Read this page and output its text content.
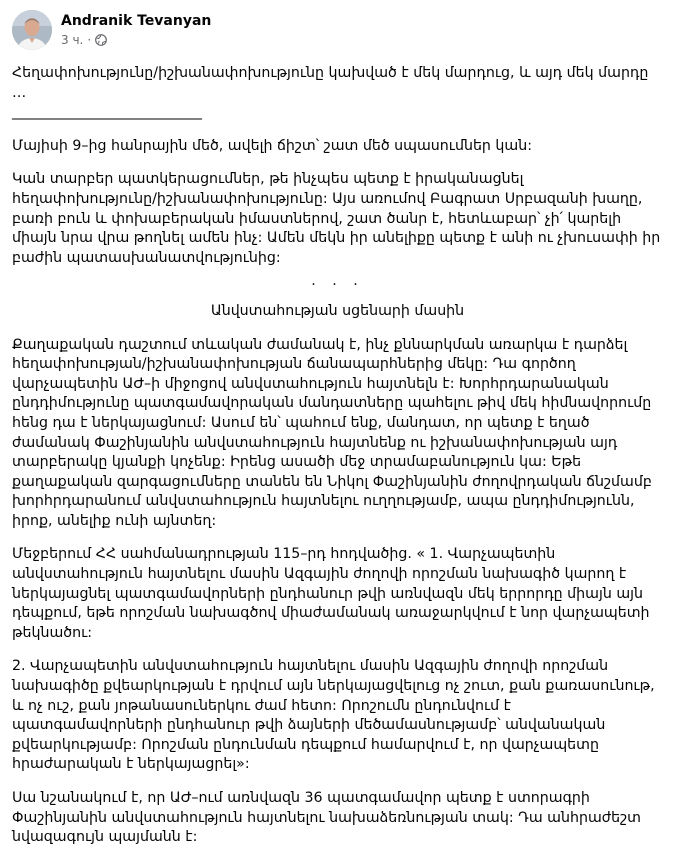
Andranik Tevanyan
3 ч. ·

Հեղափոխությունը/իշխանափոխությունը կախված է մեկ մարդուց, և այդ մեկ մարդը …

_______________________________

Մայիսի 9–ից հանրային մեծ, ավելի ճիշտ՝ շատ մեծ սպասումներ կան:

Կան տարբեր պատկերացումներ, թե ինչպես պետք է իրականացնել հեղափոխությունը/իշխանափոխությունը: Այս առումով Բագրատ Սրբազանի խաղը, բառի բուն և փոխաբերական իմաստներով, շատ ծանր է, հետևաբար՝ չի՛ կարելի միայն նրա վրա թողնել ամեն ինչ: Ամեն մեկն իր անելիքը պետք է անի ու չխուսափի իր բաժին պատասխանատվությունից:

· · ·

Անվստահության սցենարի մասին

Քաղաքական դաշտում տևական ժամանակ է, ինչ քննարկման առարկա է դարձել հեղափոխության/իշխանափոխության ճանապարհներից մեկը: Դա գործող վարչապետին ԱԺ–ի միջոցով անվստահություն հայտնելն է: Խորհրդարանական ընդդիմությունը պատգամավորական մանդատները պահելու թիվ մեկ հիմնավորումը հենց դա է ներկայացնում: Ասում են՝ պահում ենք, մանդատ, որ պետք է եղած ժամանակ Փաշինյանին անվստահություն հայտնենք ու իշխանափոխության այդ տարբերակը կյանքի կոչենք: Իրենց ասածի մեջ տրամաբանություն կա: Եթե քաղաքական զարգացումները տանեն են Նիկոլ Փաշինյանին ժողովրդական ճնշմամբ խորհրդարանում անվստահություն հայտնելու ուղղությամբ, ապա ընդդիմությունն, իրոք, անելիք ունի այնտեղ:

Մեջբերում ՀՀ սահմանադրության 115–րդ հոդվածից. « 1. Վարչապետին անվստահություն հայտնելու մասին Ազգային ժողովի որոշման նախագիծ կարող է ներկայացնել պատգամավորների ընդհանուր թվի առնվազն մեկ երրորդը միայն այն դեպքում, եթե որոշման նախագծով միաժամանակ առաջարկվում է նոր վարչապետի թեկնածու:

2. Վարչապետին անվստահություն հայտնելու մասին Ազգային ժողովի որոշման նախագիծը քվեարկության է դրվում այն ներկայացվելուց ոչ շուտ, քան քառասունութ, և ոչ ուշ, քան յոթանասուներկու ժամ հետո: Որոշումն ընդունվում է պատգամավորների ընդհանուր թվի ձայների մեծամասնությամբ՝ անվանական քվեարկությամբ: Որոշման ընդունման դեպքում համարվում է, որ վարչապետը հրաժարական է ներկայացրել»:

Սա նշանակում է, որ ԱԺ–ում առնվազն 36 պատգամավոր պետք է ստորագրի Փաշինյանին անվստահություն հայտնելու նախաձեռնության տակ: Դա անհրաժեշտ նվազագույն պայմանն է:
